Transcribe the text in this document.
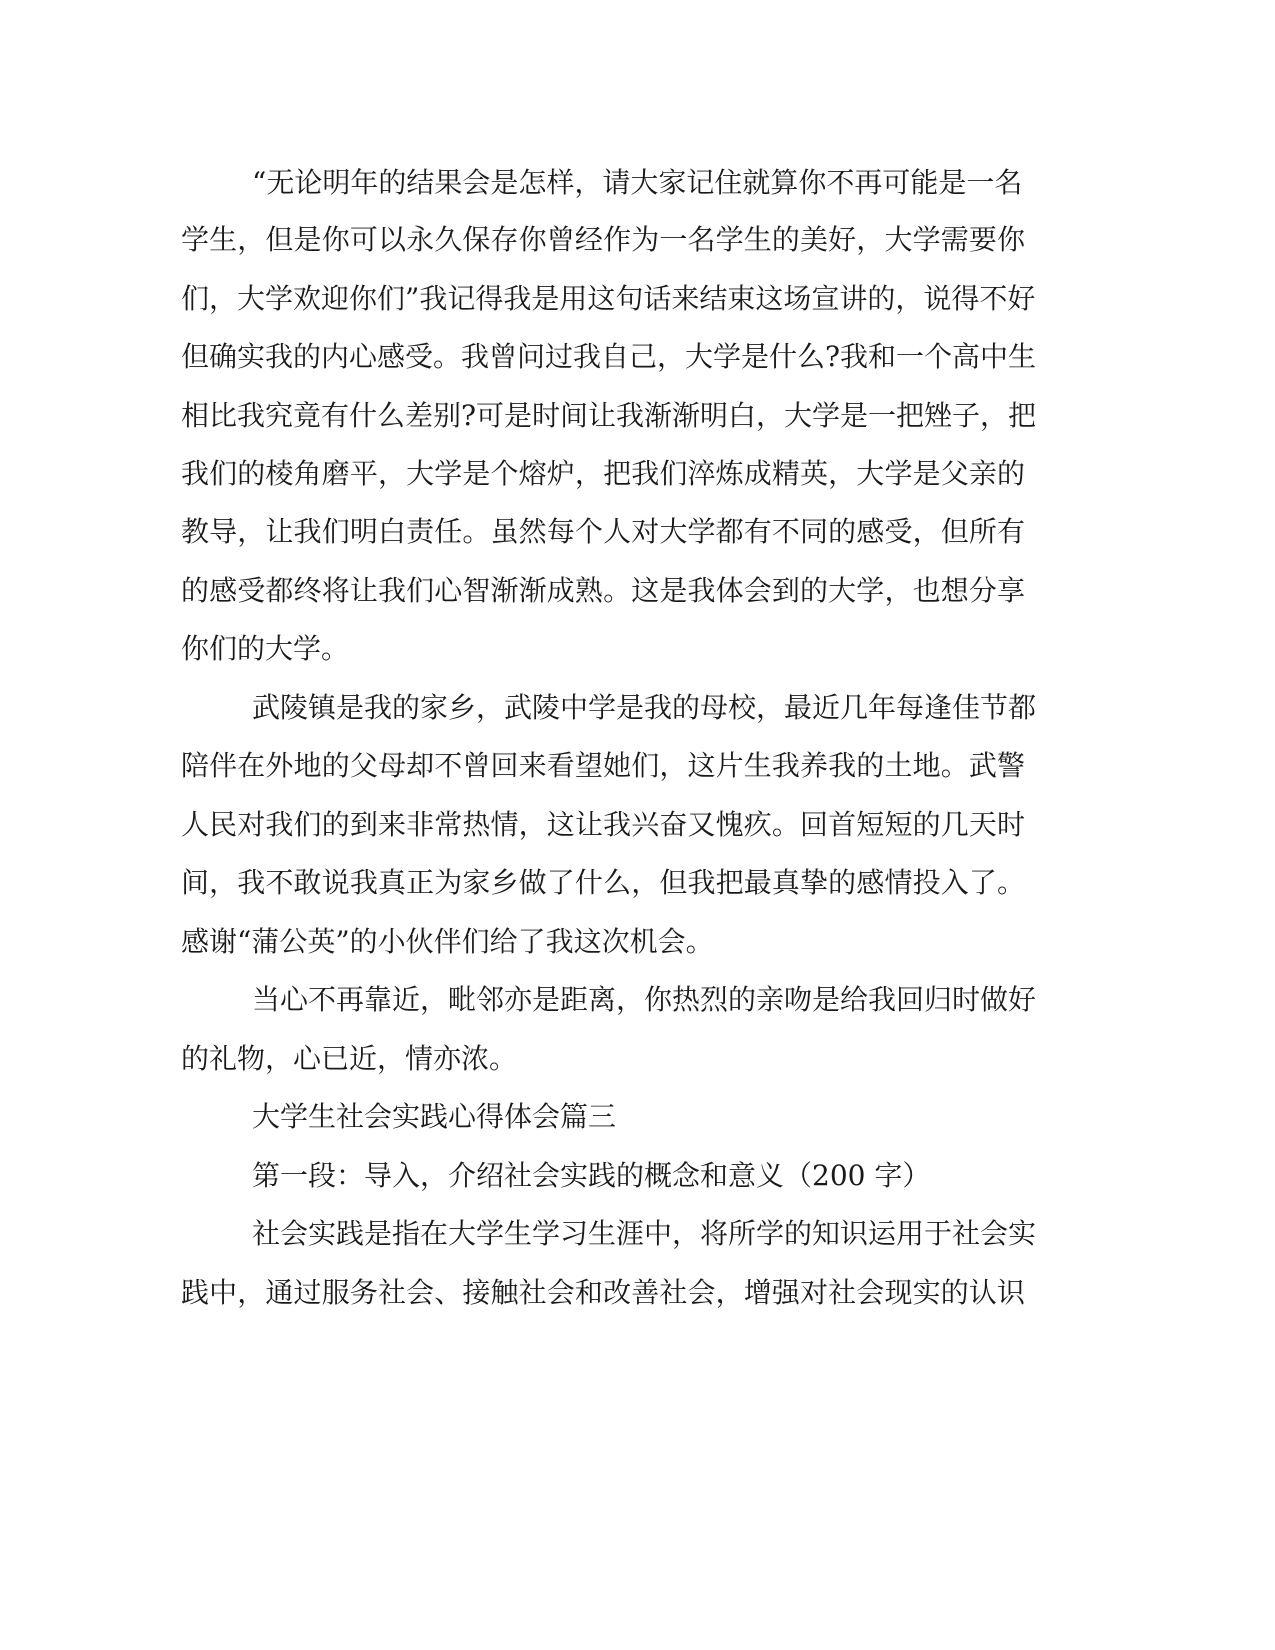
“无论明年的结果会是怎样，请大家记住就算你不再可能是一名
学生，但是你可以永久保存你曾经作为一名学生的美好，大学需要你
们，大学欢迎你们”我记得我是用这句话来结束这场宣讲的，说得不好
但确实我的内心感受。我曾问过我自己，大学是什么?我和一个高中生
相比我究竟有什么差别?可是时间让我渐渐明白，大学是一把矬子，把
我们的棱角磨平，大学是个熔炉，把我们淬炼成精英，大学是父亲的
教导，让我们明白责任。虽然每个人对大学都有不同的感受，但所有
的感受都终将让我们心智渐渐成熟。这是我体会到的大学，也想分享
你们的大学。
武陵镇是我的家乡，武陵中学是我的母校，最近几年每逢佳节都
陪伴在外地的父母却不曾回来看望她们，这片生我养我的土地。武警
人民对我们的到来非常热情，这让我兴奋又愧疚。回首短短的几天时
间，我不敢说我真正为家乡做了什么，但我把最真挚的感情投入了。
感谢“蒲公英”的小伙伴们给了我这次机会。
当心不再靠近，毗邻亦是距离，你热烈的亲吻是给我回归时做好
的礼物，心已近，情亦浓。
大学生社会实践心得体会篇三
第一段：导入，介绍社会实践的概念和意义（200 字）
社会实践是指在大学生学习生涯中，将所学的知识运用于社会实
践中，通过服务社会、接触社会和改善社会，增强对社会现实的认识
